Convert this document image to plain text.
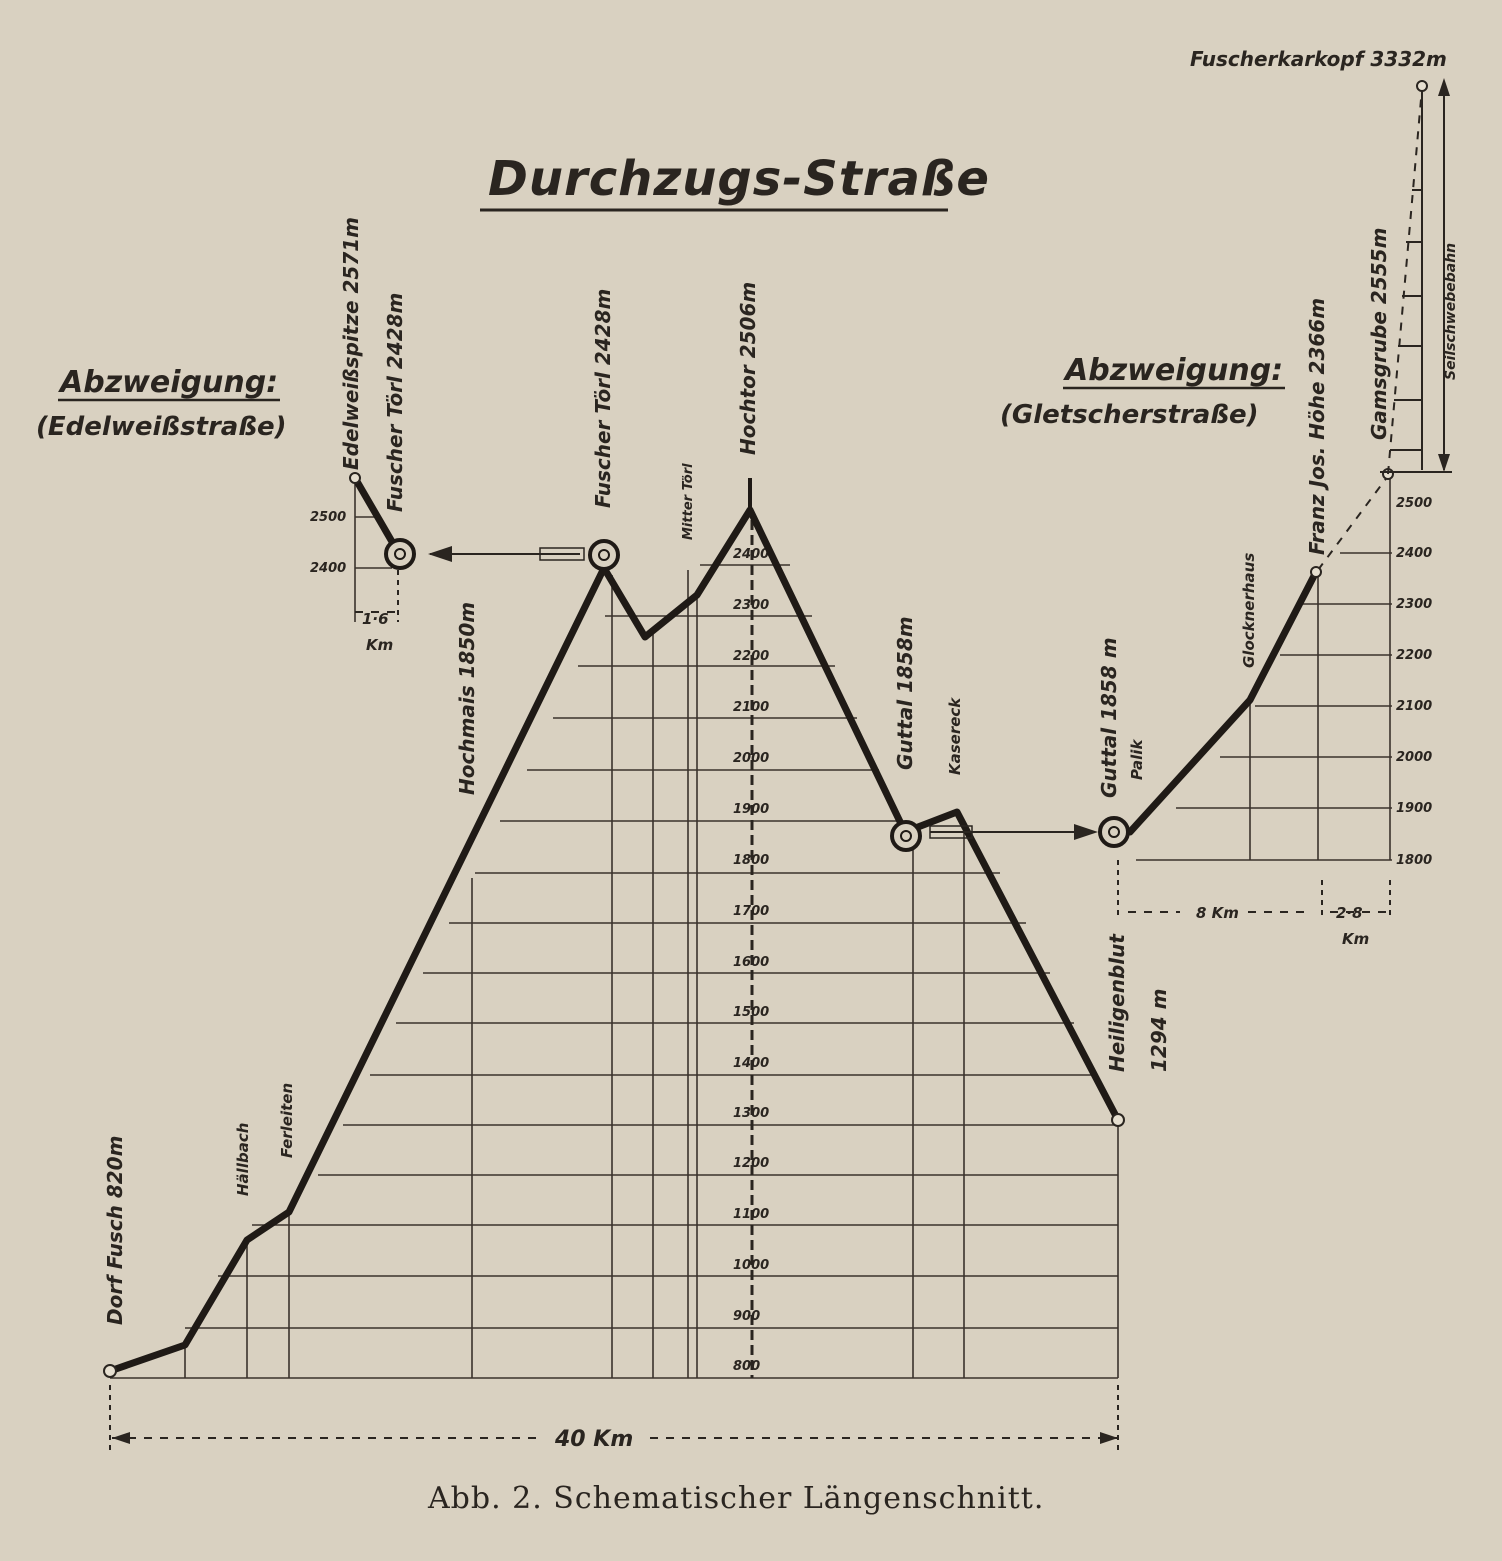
Durchzugs-Straße
Abzweigung:
(Edelweißstraße)
Abzweigung:
(Gletscherstraße)
800
900
1000
1100
1200
1300
1400
1500
1600
1700
1800
1900
2000
2100
2200
2300
2400
2500
2400
1·6
Km
1800
1900
2000
2100
2200
2300
2400
2500
8 Km	2·8
Km
40 Km
Dorf Fusch 820m	Hällbach
Ferleiten
Hochmais 1850m
Fuscher Törl 2428m	Mitter Törl
Hochtor 2506m
Guttal 1858m Kasereck
Heiligenblut 1294 m
Edelweißspitze 2571m Fuscher Törl 2428m
Guttal 1858 m Palik
Glocknerhaus
Franz Jos. Höhe 2366m Gamsgrube 2555m	Seilschwebebahn
Fuscherkarkopf 3332m
Abb. 2. Schematischer Längenschnitt.
